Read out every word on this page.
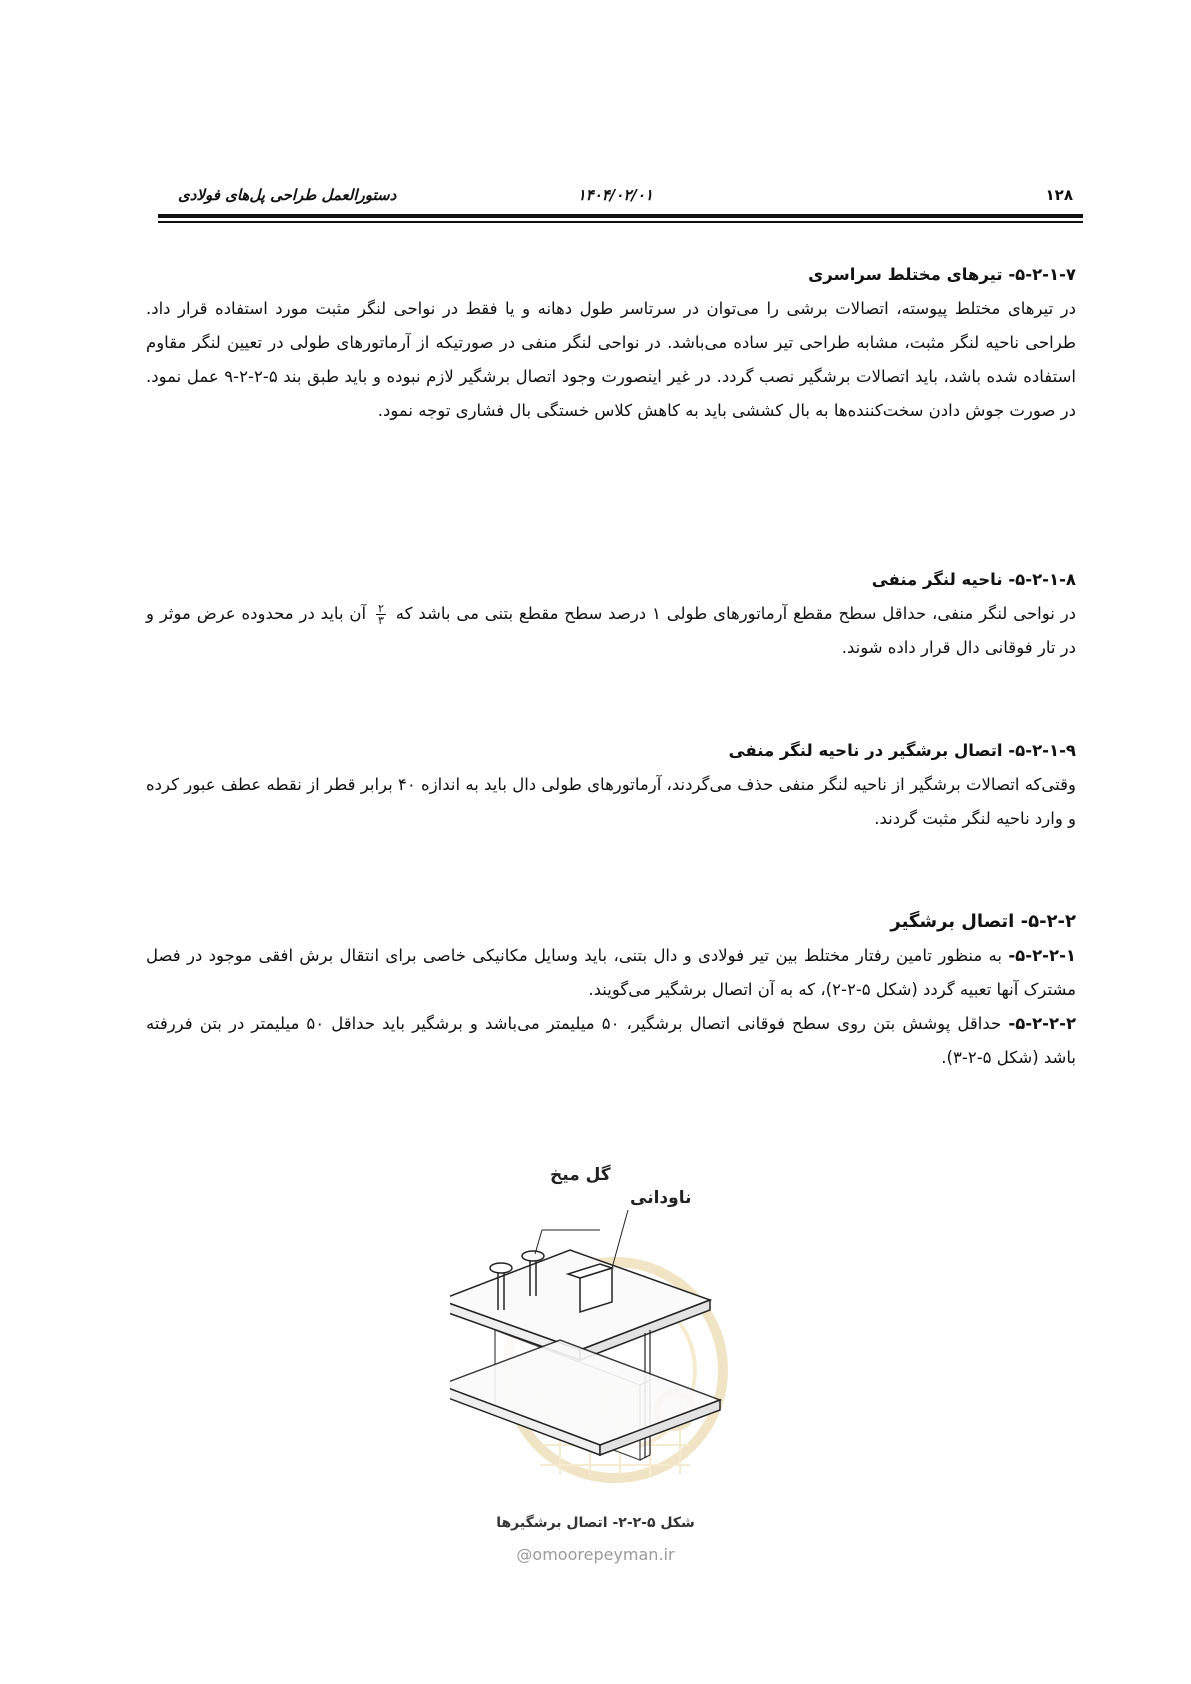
۱۲۸
۱۴۰۴/۰۲/۰۱
دستورالعمل طراحی پل‌های فولادی
۵-۲-۱-۷- تیرهای مختلط سراسری

در تیرهای مختلط پیوسته، اتصالات برشی را می‌توان در سرتاسر طول دهانه و یا فقط در نواحی لنگر مثبت مورد استفاده قرار داد. طراحی ناحیه لنگر مثبت، مشابه طراحی تیر ساده می‌باشد. در نواحی لنگر منفی در صورتیکه از آرماتورهای طولی در تعیین لنگر مقاوم استفاده شده باشد، باید اتصالات برشگیر نصب گردد. در غیر اینصورت وجود اتصال برشگیر لازم نبوده و باید طبق بند ۵-۲-۲-۹ عمل نمود. در صورت جوش دادن سخت‌کننده‌ها به بال کششی باید به کاهش کلاس خستگی بال فشاری توجه نمود.

۵-۲-۱-۸- ناحیه لنگر منفی

در نواحی لنگر منفی، حداقل سطح مقطع آرماتورهای طولی ۱ درصد سطح مقطع بتنی می باشد که
$\frac{۲}{۳}$
آن باید در محدوده عرض موثر و در تار فوقانی دال قرار داده شوند.

۵-۲-۱-۹- اتصال برشگیر در ناحیه لنگر منفی

وقتی‌که اتصالات برشگیر از ناحیه لنگر منفی حذف می‌گردند، آرماتورهای طولی دال باید به اندازه ۴۰ برابر قطر از نقطه عطف عبور کرده و وارد ناحیه لنگر مثبت گردند.

۵-۲-۲- اتصال برشگیر

۵-۲-۲-۱- به منظور تامین رفتار مختلط بین تیر فولادی و دال بتنی، باید وسایل مکانیکی خاصی برای انتقال برش افقی موجود در فصل مشترک آنها تعبیه گردد (شکل ۵-۲-۲)، که به آن اتصال برشگیر می‌گویند.

۵-۲-۲-۲- حداقل پوشش بتن روی سطح فوقانی اتصال برشگیر، ۵۰ میلیمتر می‌باشد و برشگیر باید حداقل ۵۰ میلیمتر در بتن فررفته باشد (شکل ۵-۲-۳).

گل میخ
ناودانی
شکل ۵-۲-۲- اتصال برشگیرها
@omoorepeyman.ir
